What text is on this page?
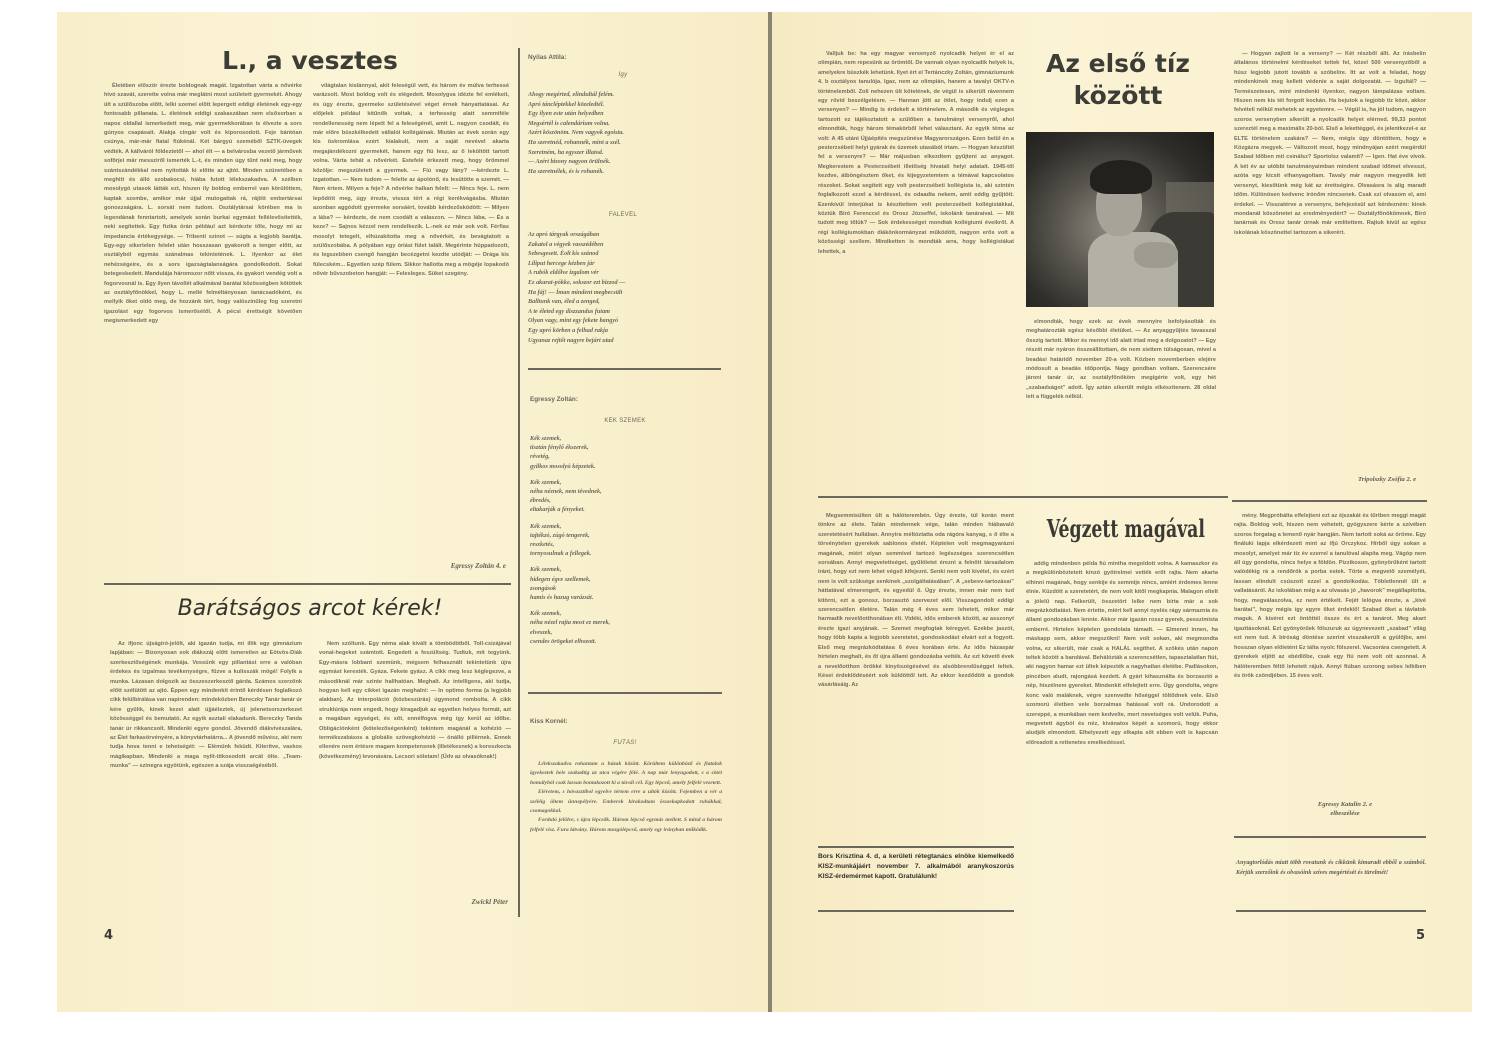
L., a vesztes

Életében először érezte boldognak magát. Izgatottan várta a nővérke hívó szavát, szerette volna már meglátni most született gyermekét. Ahogy ült a szülőszoba előtt, lelki szemei előtt lepergett eddigi életének egy-egy fontosabb pillanata. L. életének eddigi szakaszában nem elsősorban a napos oldallal ismerkedett meg, már gyermekkorában is élvezte a sors gúnyos csapásait. Alakja cingár volt és kiporosodott. Feje bántóan csúnya, már-már fiatal fiúkénál. Két bárgyú szeméből SZTK-üvegek védték. A kállváról földeztetől — ahol élt — a belvárosba vezető járművek sofőrjei már messziről ismerték L.-t, és minden úgy tűnt neki meg, hogy szántszándékkal nem nyitották ki előtte az ajtót. Minden szünetében a meghitt és álló szobakocsi, hiába futott lélekszakadva. A szélben mosolygó utasok látták ezt, hiszen ily boldog emberrel van körülöttem, kaptak szembe, amikor már újjal mutogattak rá, rájött embertársai gonoszságára. L. sorsát nem tudom. Osztálytársai körében ma is legendának fenntartott, amelyek során burkai egymást fellélevősítették, neki segítettek. Egy fizika órán például azt kérdezte tőle, hogy mi az impedancia értékegysége. — Tribenti szinot — súgta a legjobb barátja. Egy-egy sikertelen felelet után hosszasan gyakorolt a tenger előtt, az osztályból egymás szánalmas tekintetének. L. ilyenkor az élet nehézségeire, és a sors igazságtalanságára gondolkodott. Sokat betegeskedett. Mandulája háromszor nőtt vissza, és gyakori vendég volt a fogorvosnál is. Egy ilyen távollét alkalmával barátai közösségben kötöttek az osztályfőnökkel, hogy L. mellé felméltányosan tanácsadóként, és mellyik őket oldó meg, de hozzánk tért, hogy valószínűleg fog szeretni igazolást egy fogorvos ismerősétől. A pécsi érettségit követően megismerkedett egy

világtalan kislánnyal, akit feleségül vett, és három év múlva terhessé varázsolt. Most boldog volt és elégedett. Mosolygva idézte fel emlékeit, és úgy érezte, gyermeke születésével véget érnek hányattatásai. Az előjelek például kitűnők voltak, a terhesség alatt semmiféle rendellenesség nem lépett fel a feleségénél, amit L. nagyon csodált, és már előre büszkélkedett vállalói kollégáinak. Miután az évek során egy kis öskromlása ezért kialakult, nem a saját nevével akarta megajándékozni gyermekét, hanem egy fiú lesz, az ő leköltött tartott volna. Várta tehát a nővérkét. Estefelé érkezett meg, hogy örömmel közölje: megszületett a gyermek. — Fiú vagy lány? —kérdezte L. izgatottan. — Nem tudom — felelte az ápolónő, és lesütötte a szemét. — Nem értem. Milyen a feje? A nővérke halkan felelt: — Nincs feje. L. nem lepődött meg, úgy érezte, vissza tért a régi kerékvágásba. Miután azonban aggódott gyermeke sorsáért, tovább kérdezősködött: — Milyen a lába? — kérdezte, de nem csodált a válaszon. — Nincs lába. — És a keze? — Sajnos kézzel nem rendelkezik. L.-nek ez már sok volt. Férfias mosolyt tetegelt, elhúzakította meg a nővérkét, és bevágtatott a szülőszobába. A pólyában egy óriási fület talált. Megérinte hüppadozott, és legszebben csengő hangján becézgetni kezdte utódját: — Drága kis fülecském... Egyetlen szép fülem. Sikkor hallotta meg a mögéje lopakodó nővér bűvszobeton hangját: — Felesleges. Süket szegény.

Egressy Zoltán 4. e
Barátságos arcot kérek!

Az ifjonc újságíró-jelölt, aki igazán tudja, mi illik egy gimnázium lapjában: — Bizonyosan sok diákszáj előtt ismeretlen az Eötvös-Diák szerkesztőségének munkája. Vessünk egy pillantást erre a valóban érdekes és izgalmas tevékenységre, fűzve a kulisszák mögé! Folyik a munka. Lázasan dolgozik az összeszerkesztő gárda. Számos szerzőnk előtt szélütött az ajtó. Éppen egy mindenkit érintő kérdésen foglalkozó cikk felülbírálása van napirenden: mindeközben Bereczky Tanár tanár úr kére gyűlik, kinek kezei alatt újjáéleztek, új jelenetsorszerkezet közösséggel és bemutató. Az egyik asztali elakadunk. Bereczky Tanda tanár úr rikkancsolt. Mindenki egyre gondol. Jövendő diákvivészalára, az Élet farkasörvényére, a könyvtárhatárra... A jövendő művész, aki nem tudja hova tenni e tehetségét: — Elémünk feküdt. Kiterítve, vaskos mágikapban. Mindenki a maga nyilt-titkosodott arcát ölte. „Team-munka” — szinegra egyötünk, egészen a szája visszaégéséből.

Nem szóltunk. Egy néma alak kivált a tömbödötből. Toll-csizájával vonal-hegeket számtott. Engedett a feszültség. Tudtuk, mit tegyünk. Egy-másra lobbant szemünk, mégsem felhasznált tekintetünk újra egymást keresték. Gyáza. Fekete gyász. A cikk meg lesz kéglegezve, a másodiknál már szinte hallhatóan. Meghalt. Az intelligens, aki tudja, hogyan kell egy cikket igazán meghalni: — In optimo forma (a legjobb alakban). Az interpoláció (közbeszúrás) úgymond rombolta. A cikk struktúrája nem engedi, hogy kiragadjuk az egyetlen helyes formát, azt a magában egységet, és sőt, ennélfogva még így kerül az időbe. Obligációnként (kötelezőségenként) tekintem magánál a kohézió — termékszabásos a globális szövegkohézió — önálló pillérnek. Ennek ellenére nem értésre magam kompetensnek (illetékesnek) a koreszkecia (következmény) levonására. Lecsori sóletam! (Üdv az olvasóknak!)

Zwickl Péter
Nyilas Attila:
Így
Ahogy megérted, elindultál felém.
Apró táncléptekkel közeledtél.
Egy ilyen este után helyedben
Megsértél is calendárium volna.
Azért köszönöm. Nem vagyok egoista.
Ha szeretnéd, rohannék, mint a szél.
Szeretném, ha egyszer illatod.
— Azért bizony nagyon örülnék.
Ha szeretnélek, és is rohanék.
FALEVÉL
Az apró tárgyak országában
Zakatol a végyek vasszédében
Sebesgesett. Éolt kis szánod
Liliput hercege kézben jár
A rubók eldőlve izgalom vér
Ez akarat-pókke, sokszor ezt bizzod —
Ha fáj! — Íman mindent megbecsült
Balltunk van, éled a zenged,
A te életed egy diszzandus futam
Olyan vagy, mint egy fekete bangyó
Egy apró körben a felhad rakja
Ugyanaz rejtőt nagyre bejárt utad
Egressy Zoltán:
KÉK SZEMEK
Kék szemek,
tisztán fénylő ékszerek,
révetég,
gyilkos mosolyú képzetek.
Kék szemek,
néha néznek, nem tévednek,
ébredés,
eltakarják a fényeket.
Kék szemek,
tajtékzó, zúgó tengerek,
reszketés,
tornyosulnak a fellegek.
Kék szemek,
hidegen égve szellemek,
zsongások
hamis és hazug varázsát.
Kék szemek,
néha nézel rajta most ez merek,
elveszek,
csendes örögeket elhozott.
Kiss Kornél:
FUTÁS!
Lélekszakadva rohantam a házak között. Körültem különböző és fiatalok igyekeztek bele szakadtig az utca végére fölé. A nap már lenyugodott, s a sötét homályból csak lassan bontakozott ki a távoli cél. Egy lépcső, amely felfelé vezetett.
Eléretem, s hóvasztibol egyelve tértem erre a ultók között. Fejemben a vér a széléig öltem ünnepélyére. Emberek kirakodtam összekapkodott ruhákkal, csomagokkal.
Forduló jelölve, s újra lépcsők. Három lépcső egymás mellett. S mind a három felfelé visz. Fura látvány. Három mozgólépcső, amely egy irányban működik.
4

Valljuk be: ha egy magyar versenyző nyolcadik helyet ér el az olimpián, nem repesünk az örömtől. De vannak olyan nyolcadik helyek is, amelyekre büszkék lehetünk. Ilyet ért el Tertánczky Zoltán, gimnáziumunk 4. b osztályos tanulója. Igaz, nem az olimpián, hanem a tavalyi OKTV-n történelemből. Zoli nehezen ült kötelének, de végül is sikerült rávennem egy rövid beszélgetésre. — Hannan jött az ötlet, hogy indulj ezen a versenyen? — Mindig is érdekelt a történelem. A második és végleges tartozott ez tájékoztatott a szülőben a tanulmányi versenyről, ahol elmondták, hogy három témakörből lehet választani. Az egyik téma az volt: A 45 utáni Újjáépítés megszünése Magyarországon. Ezen belül én a pesterzsébeti helyi gyárak és üzemek utasából írtam. — Hogyan készültél fel a versenyre? — Már májusban elkezdtem gyűjteni az anyagot. Megkerestem a Pesterzsébeti illetőség hivatali helyi adatait. 1945-től kezdve, átböngésztem őket, és kijegyzetemtem a témával kapcsolatos részeket. Sokat segített egy volt pesterzsébeti kollégista is, aki szintén foglalkozott ezzel a kérdéssel, és odaadta nekem, amit eddig gyűjtött. Ezenkívül interjúkat is készítettem volt pesterzsébeti kollégistákkal, köztük Bíró Ferenccel és Orosz Józseffel, iskolánk tanáraival. — Mit tudott meg tőlük? — Sok érdekességet mondtak kollégiumi éveikről. A régi kollégiumokban diákönkormányzat működött, nagyon erős volt a közösségi szellem. Mindketten is mondták arra, hogy kollégistákat lehettek, a

Az első tíz
között

elmondták, hogy ezek az évek mennyire befolyásolták és meghatározták egész későbbi életüket. — Az anyaggyűjtés tavasszal ősszig tartott. Mikor és mennyi idő alatt írtad meg a dolgozatot? — Egy részét már nyáron összeállítottam, de nem siettem túlságosan, mivel a beadási határidő november 20-a volt. Közben novemberben elejére módosult a beadás időpontja. Nagy gondban voltam. Szerencsére jároni tanár úr, az osztályfőnököm megígérte volt, egy hét „szabadságot” adott. Így aztán sikerült mégis elkészítenem. 28 oldal lett a függelék nélkül.

— Hogyan zajlott le a verseny? — Két részből állt. Az írásbelin általános történelmi kérdéseket tettek fel, közel 500 versenyzőből a húsz legjobb jutott tovább a szóbelire. Itt az volt a feladat, hogy mindenkinek meg kellett védenie a saját dolgozatát. — Izgultál? — Természetesen, mint mindenki ilyenkor, nagyon lámpalázas voltam. Hiszen nem kis tét forgott kockán. Ha bejutok a legjobb tíz közé, akkor felvételi nélkül mehetek az egyetemre. — Végül is, ha jól tudom, nagyon szoros versenyben sikerült a nyolcadik helyet elérned. 99,33 pontot szereztél meg a maximális 20-ból. Első a lekettéggel, és jelentkezel-e az ELTE történelem szakára? — Nem, mégis úgy döntöttem, hogy a Közgázra megyek. — Változott most, hogy mindnyájan ezért megérdül Szabad Időben mit csinálsz? Sportolsz valamit? — Igen. Hat éve vívok. A két év az utóbbi tanulmányaimban mindent szabad időmet elvesszi, azóta egy kicsit elhanyagoltam. Tavaly már nagyon megyedik lett versenyt, kiesőtünk még kát az érettségire. Olvasásra is alig maradt időm. Különösen kedvenc írónőm nincsenek. Csak szí olvasom el, ami érdekel. — Visszatérve a versenyre, befejezésül azt kérdezném: kinek mondanál köszönetet az eredményedért? — Osztályfőnökömnek, Bíró tanárnak és Orosz tanár úrnak már említettem. Rajtuk kívül az egész iskolának köszönettel tartozom a sikerért.

Tripolszky Zsófia 2. e

Megsemmisülten ült a hálóterembén. Úgy érezte, túl korán ment tönkre az élete. Talán mindennek vége, talán minden hiábavaló szeretetésért hullában. Annyira méltóztatta oda rágóra kanyag, s ő élte a törvénytelen gyerekek sablonos életét. Képtelen volt megmagyarázni magának, miért olyan semmivel tartozó legészséges szerencsétlen sorsában. Annyi megvetettséget, gyűlöletet érezni a felnőtt társadalom iránt, hogy ezt nem lehet végső kifejezni. Senki nem volt kivétel, és ezért nem is volt szüksége senkinek „szolgáltatásában”. A „sebesv-tartozásai” háttatával elmerengett, és egyedül ő. Úgy érezte, innen már nem tud kitörni, ezt a gonosz, borzasztó szervezet elől. Visszagondolt eddigi szerencsétlen életére. Talán még 4 éves sem lehetett, mikor már harmadik nevelőotthonában élt. Vidéki, idős emberek között, az asszonyt érezte igazi anyjának. — Szemet megfogtak kéregyet. Ezekbe jaszót, hogy több kapta a legjobb szeretetet, gondoskodást elvárt ezt a fogyott. Első meg megrázkódtatása 6 éves korában érte. Az idős házaspár hirtelen meghalt, és őt újra állami gondozásba vették. Az ezt követő évek a nevelőotthon örökké kinyöszégésével és alsóbbrendűséggel teltek. Kései érdeklődéséért sok küldöttől tett. Az ekkor kezdődött a gondok vásárlásáig. Az

Végzett magával

addig mindenben példa fiú mintha megoldott volna. A kamaszkor és a megkülönböztetett kínzó gyötrelmei vették erőt rajta. Nem akarta elhinni magának, hogy senkije és semmije nincs, amiért érdemes lenne élnie. Küzdött a szeretetért, de nem volt kitől megkapnia. Malagon eltelt a jólelű nap. Felkerült, összetört lelke nem bírta már a sok megrázkódtatást. Nem értette, miért kell annyi nyelés rágy sármaznia és állami gondozásban lennie. Akkor már igazán rossz gyerek, pesszimista emberré. Hirtelen képtelen gondolata támadt. — Elmenni innen, ha máskapp sem, akkor megszökni! Nem volt sokan, aki megmondta volna, ez sikerült, már csak a HALÁL segíthet. A szökés után napon teltek között a bandával. Behálózták a szerencsétlen, tapasztalatlan fiút, aki nagyon hamar ezt ültek képezték a nagyhatlan életébe. Padlásokon, pincében aludt, rajongásá kezdett. A gyári kihasználta és borzasztó a nép, hiszélnem gyereket. Mindenkit elfelejtett erre. Úgy gondolta, végre konc való maláknek, végre szenvedte hőséggel töltődnek vele. Első szomorú életben vele borzalmas hatással volt rá. Undorodott a szereppé, a munkában nem kedvelte, mert nevetséges volt velük. Puha, megvetett ágyból és néz, kivánatos képét a szomorú, hogy ekkor aludjék elmondott. Elhelyezett egy elkapta sőt ebben volt is kapcsán előreadott a rettenetes emelkedéssel.

mény. Megpróbálta elfelejteni ezt az éjszakát és tűrtben meggi magát rajta. Boldog volt, hiszen nem vehetett, gyógyszere kérte a szívében szoros forgatag a lemenő nyár hangján. Nem tartott soká az öröme. Egy fináluki lapja elkérdezett mint az ifjú Orczykoz. Hírből úgy sokan a mosolyt, amelyet már tíz év ezerrel a tanulóval alapíta meg. Vágóp nem áll úgy gondolta, nincs helye a földön. Pizzikoson, gyönyörűként tartott valódékig rá a rendőrök a porba estek. Törte a megvető személyét, lassan elindult csúszott ezzel a gondolkodás. Töbletlennél ült a vallatásáról. Az iskolában még a az olvasás jó „havorok” megállapította, hogy, megválaszolva, ez nem értékelt. Fejét lelógva érezte, a „kivé barátai”, hogy mégis így egyre őket érdeklő! Szabad őket a távlatok maguk. A kiséret ezt öntöttél össze és ért a tanárot. Meg akart igazításoknál. Ezt gyönyörűek fölszuruk az úgynevezett „szabad” világ ezt nem tud. A bíróság döntése szerint visszakerült a gyülőjbe, ami hosszan olyan elöletént Ez tálta nyolc fölszerel. Vacsorára csengetett. A gyerekek eljött az ebédlőbe, csak egy fiú nem volt ott azonnal. A hálóteremben féltő lehetett rájuk. Annyi fiúban szorong sebes lelkiben és örök csöndjében. 15 éves volt.

Egressy Katalin 2. e
elbeszélése
Bors Krisztina 4. d, a kerületi rétegtanács elnöke kiemelkedő KISZ-munkájáért november 7. alkalmából aranykoszorús KISZ-érdemérmet kapott. Gratulálunk!
Anyagtorlódás miatt több rovatunk és cikkünk kimaradt ebből a számból. Kérjük szerzőink és olvasóink szíves megértését és türelmét!
5
